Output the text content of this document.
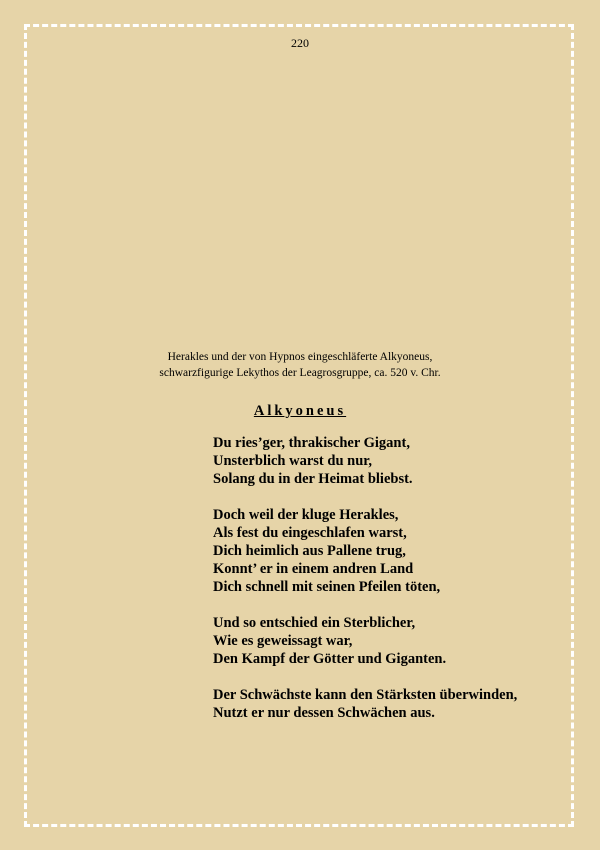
220
Herakles und der von Hypnos eingeschläferte Alkyoneus,
schwarzfigurige Lekythos der Leagrosgruppe, ca. 520 v. Chr.
Alkyoneus
Du ries’ger, thrakischer Gigant,
Unsterblich warst du nur,
Solang du in der Heimat bliebst.
Doch weil der kluge Herakles,
Als fest du eingeschlafen warst,
Dich heimlich aus Pallene trug,
Konnt’ er in einem andren Land
Dich schnell mit seinen Pfeilen töten,
Und so entschied ein Sterblicher,
Wie es geweissagt war,
Den Kampf der Götter und Giganten.
Der Schwächste kann den Stärksten überwinden,
Nutzt er nur dessen Schwächen aus.
